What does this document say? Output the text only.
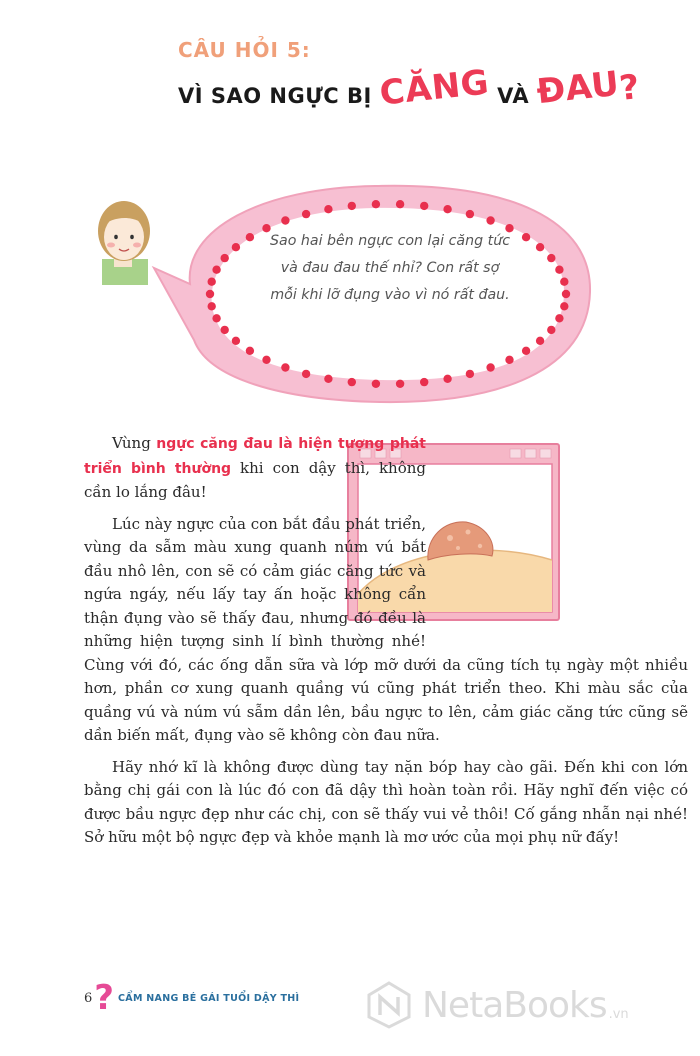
CÂU HỎI 5:
VÌ SAO NGỰC BỊ CĂNG VÀ ĐAU?
Sao hai bên ngực con lại căng tức
và đau đau thế nhỉ? Con rất sợ
mỗi khi lỡ đụng vào vì nó rất đau.

Vùng ngực căng đau là hiện tượng phát triển bình thường khi con dậy thì, không cần lo lắng đâu!

Lúc này ngực của con bắt đầu phát triển, vùng da sẫm màu xung quanh núm vú bắt đầu nhô lên, con sẽ có cảm giác căng tức và ngứa ngáy, nếu lấy tay ấn hoặc không cẩn thận đụng vào sẽ thấy đau, nhưng đó đều là những hiện tượng sinh lí bình thường nhé! Cùng với đó, các ống dẫn sữa và lớp mỡ dưới da cũng tích tụ ngày một nhiều hơn, phần cơ xung quanh quầng vú cũng phát triển theo. Khi màu sắc của quầng vú và núm vú sẫm dần lên, bầu ngực to lên, cảm giác căng tức cũng sẽ dần biến mất, đụng vào sẽ không còn đau nữa.

Hãy nhớ kĩ là không được dùng tay nặn bóp hay cào gãi. Đến khi con lớn bằng chị gái con là lúc đó con đã dậy thì hoàn toàn rồi. Hãy nghĩ đến việc có được bầu ngực đẹp như các chị, con sẽ thấy vui vẻ thôi! Cố gắng nhẫn nại nhé! Sở hữu một bộ ngực đẹp và khỏe mạnh là mơ ước của mọi phụ nữ đấy!

6 ? CẨM NANG BÉ GÁI TUỔI DẬY THÌ	NetaBooks .vn
